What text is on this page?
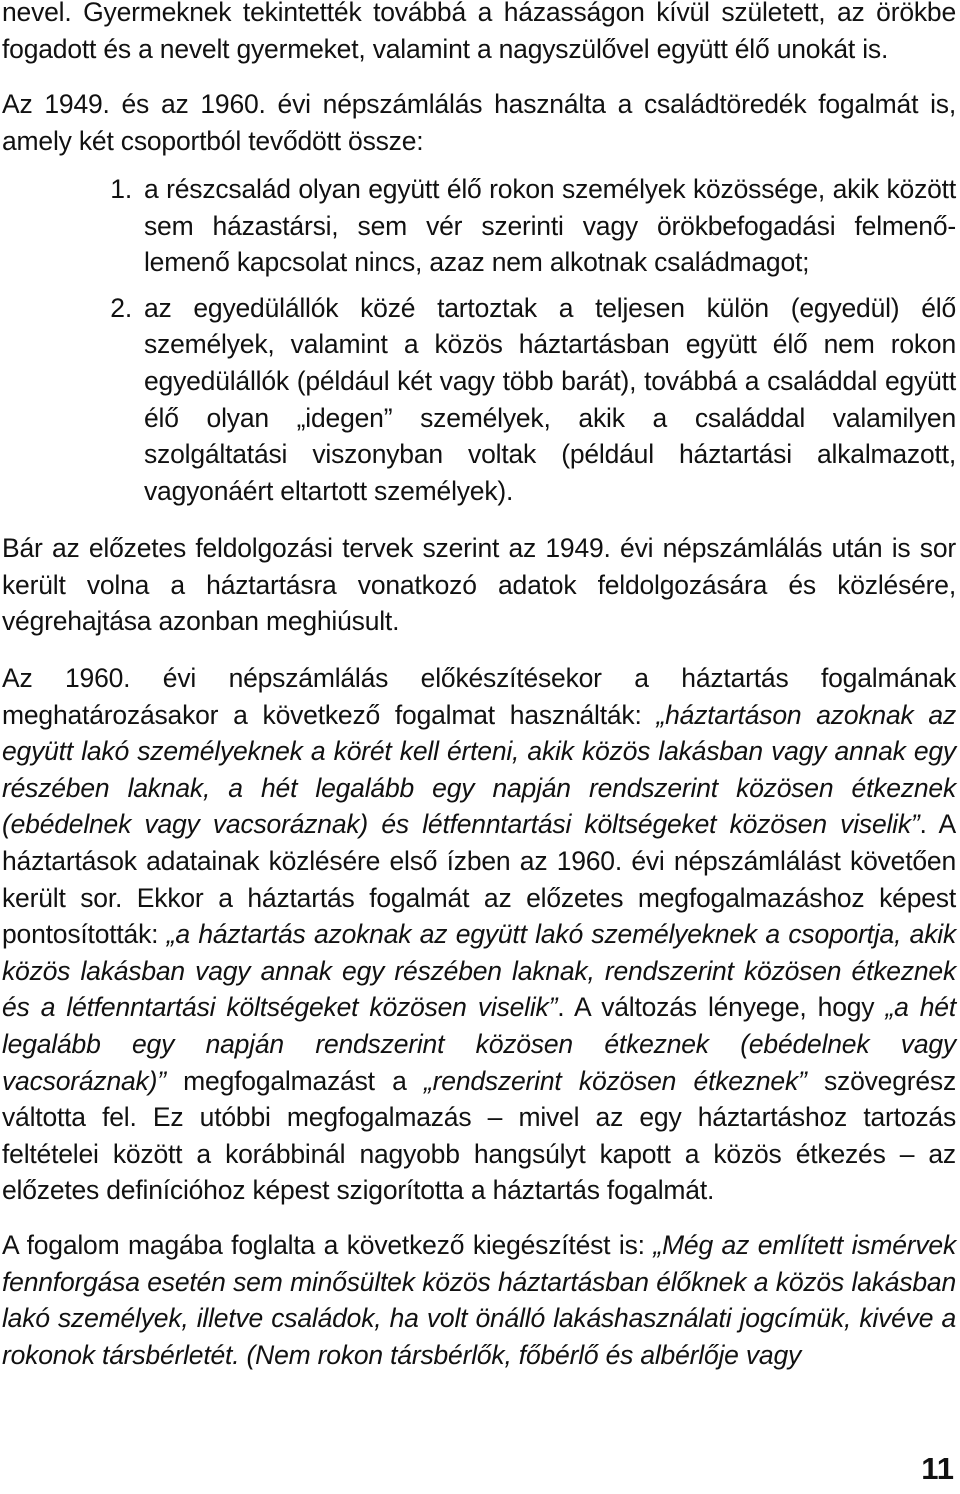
nevel. Gyermeknek tekintették továbbá a házasságon kívül született, az örökbe fogadott és a nevelt gyermeket, valamint a nagyszülővel együtt élő unokát is.

Az 1949. és az 1960. évi népszámlálás használta a családtöredék fogalmát is, amely két csoportból tevődött össze:

1. a részcsalád olyan együtt élő rokon személyek közössége, akik között sem házastársi, sem vér szerinti vagy örökbefogadási felmenő-lemenő kapcsolat nincs, azaz nem alkotnak családmagot;
2. az egyedülállók közé tartoztak a teljesen külön (egyedül) élő személyek, valamint a közös háztartásban együtt élő nem rokon egyedülállók (például két vagy több barát), továbbá a családdal együtt élő olyan „idegen” személyek, akik a családdal valamilyen szolgáltatási viszonyban voltak (például háztartási alkalmazott, vagyonáért eltartott személyek).

Bár az előzetes feldolgozási tervek szerint az 1949. évi népszámlálás után is sor került volna a háztartásra vonatkozó adatok feldolgozására és közlésére, végrehajtása azonban meghiúsult.

Az 1960. évi népszámlálás előkészítésekor a háztartás fogalmának meghatározásakor a következő fogalmat használták: „háztartáson azoknak az együtt lakó személyeknek a körét kell érteni, akik közös lakásban vagy annak egy részében laknak, a hét legalább egy napján rendszerint közösen étkeznek (ebédelnek vagy vacsoráznak) és létfenntartási költségeket közösen viselik”. A háztartások adatainak közlésére első ízben az 1960. évi népszámlálást követően került sor. Ekkor a háztartás fogalmát az előzetes megfogalmazáshoz képest pontosították: „a háztartás azoknak az együtt lakó személyeknek a csoportja, akik közös lakásban vagy annak egy részében laknak, rendszerint közösen étkeznek és a létfenntartási költségeket közösen viselik”. A változás lényege, hogy „a hét legalább egy napján rendszerint közösen étkeznek (ebédelnek vagy vacsoráznak)” megfogalmazást a „rendszerint közösen étkeznek” szövegrész váltotta fel. Ez utóbbi megfogalmazás – mivel az egy háztartáshoz tartozás feltételei között a korábbinál nagyobb hangsúlyt kapott a közös étkezés – az előzetes definícióhoz képest szigorította a háztartás fogalmát.

A fogalom magába foglalta a következő kiegészítést is: „Még az említett ismérvek fennforgása esetén sem minősültek közös háztartásban élőknek a közös lakásban lakó személyek, illetve családok, ha volt önálló lakáshasználati jogcímük, kivéve a rokonok társbérletét. (Nem rokon társbérlők, főbérlő és albérlője vagy

11
